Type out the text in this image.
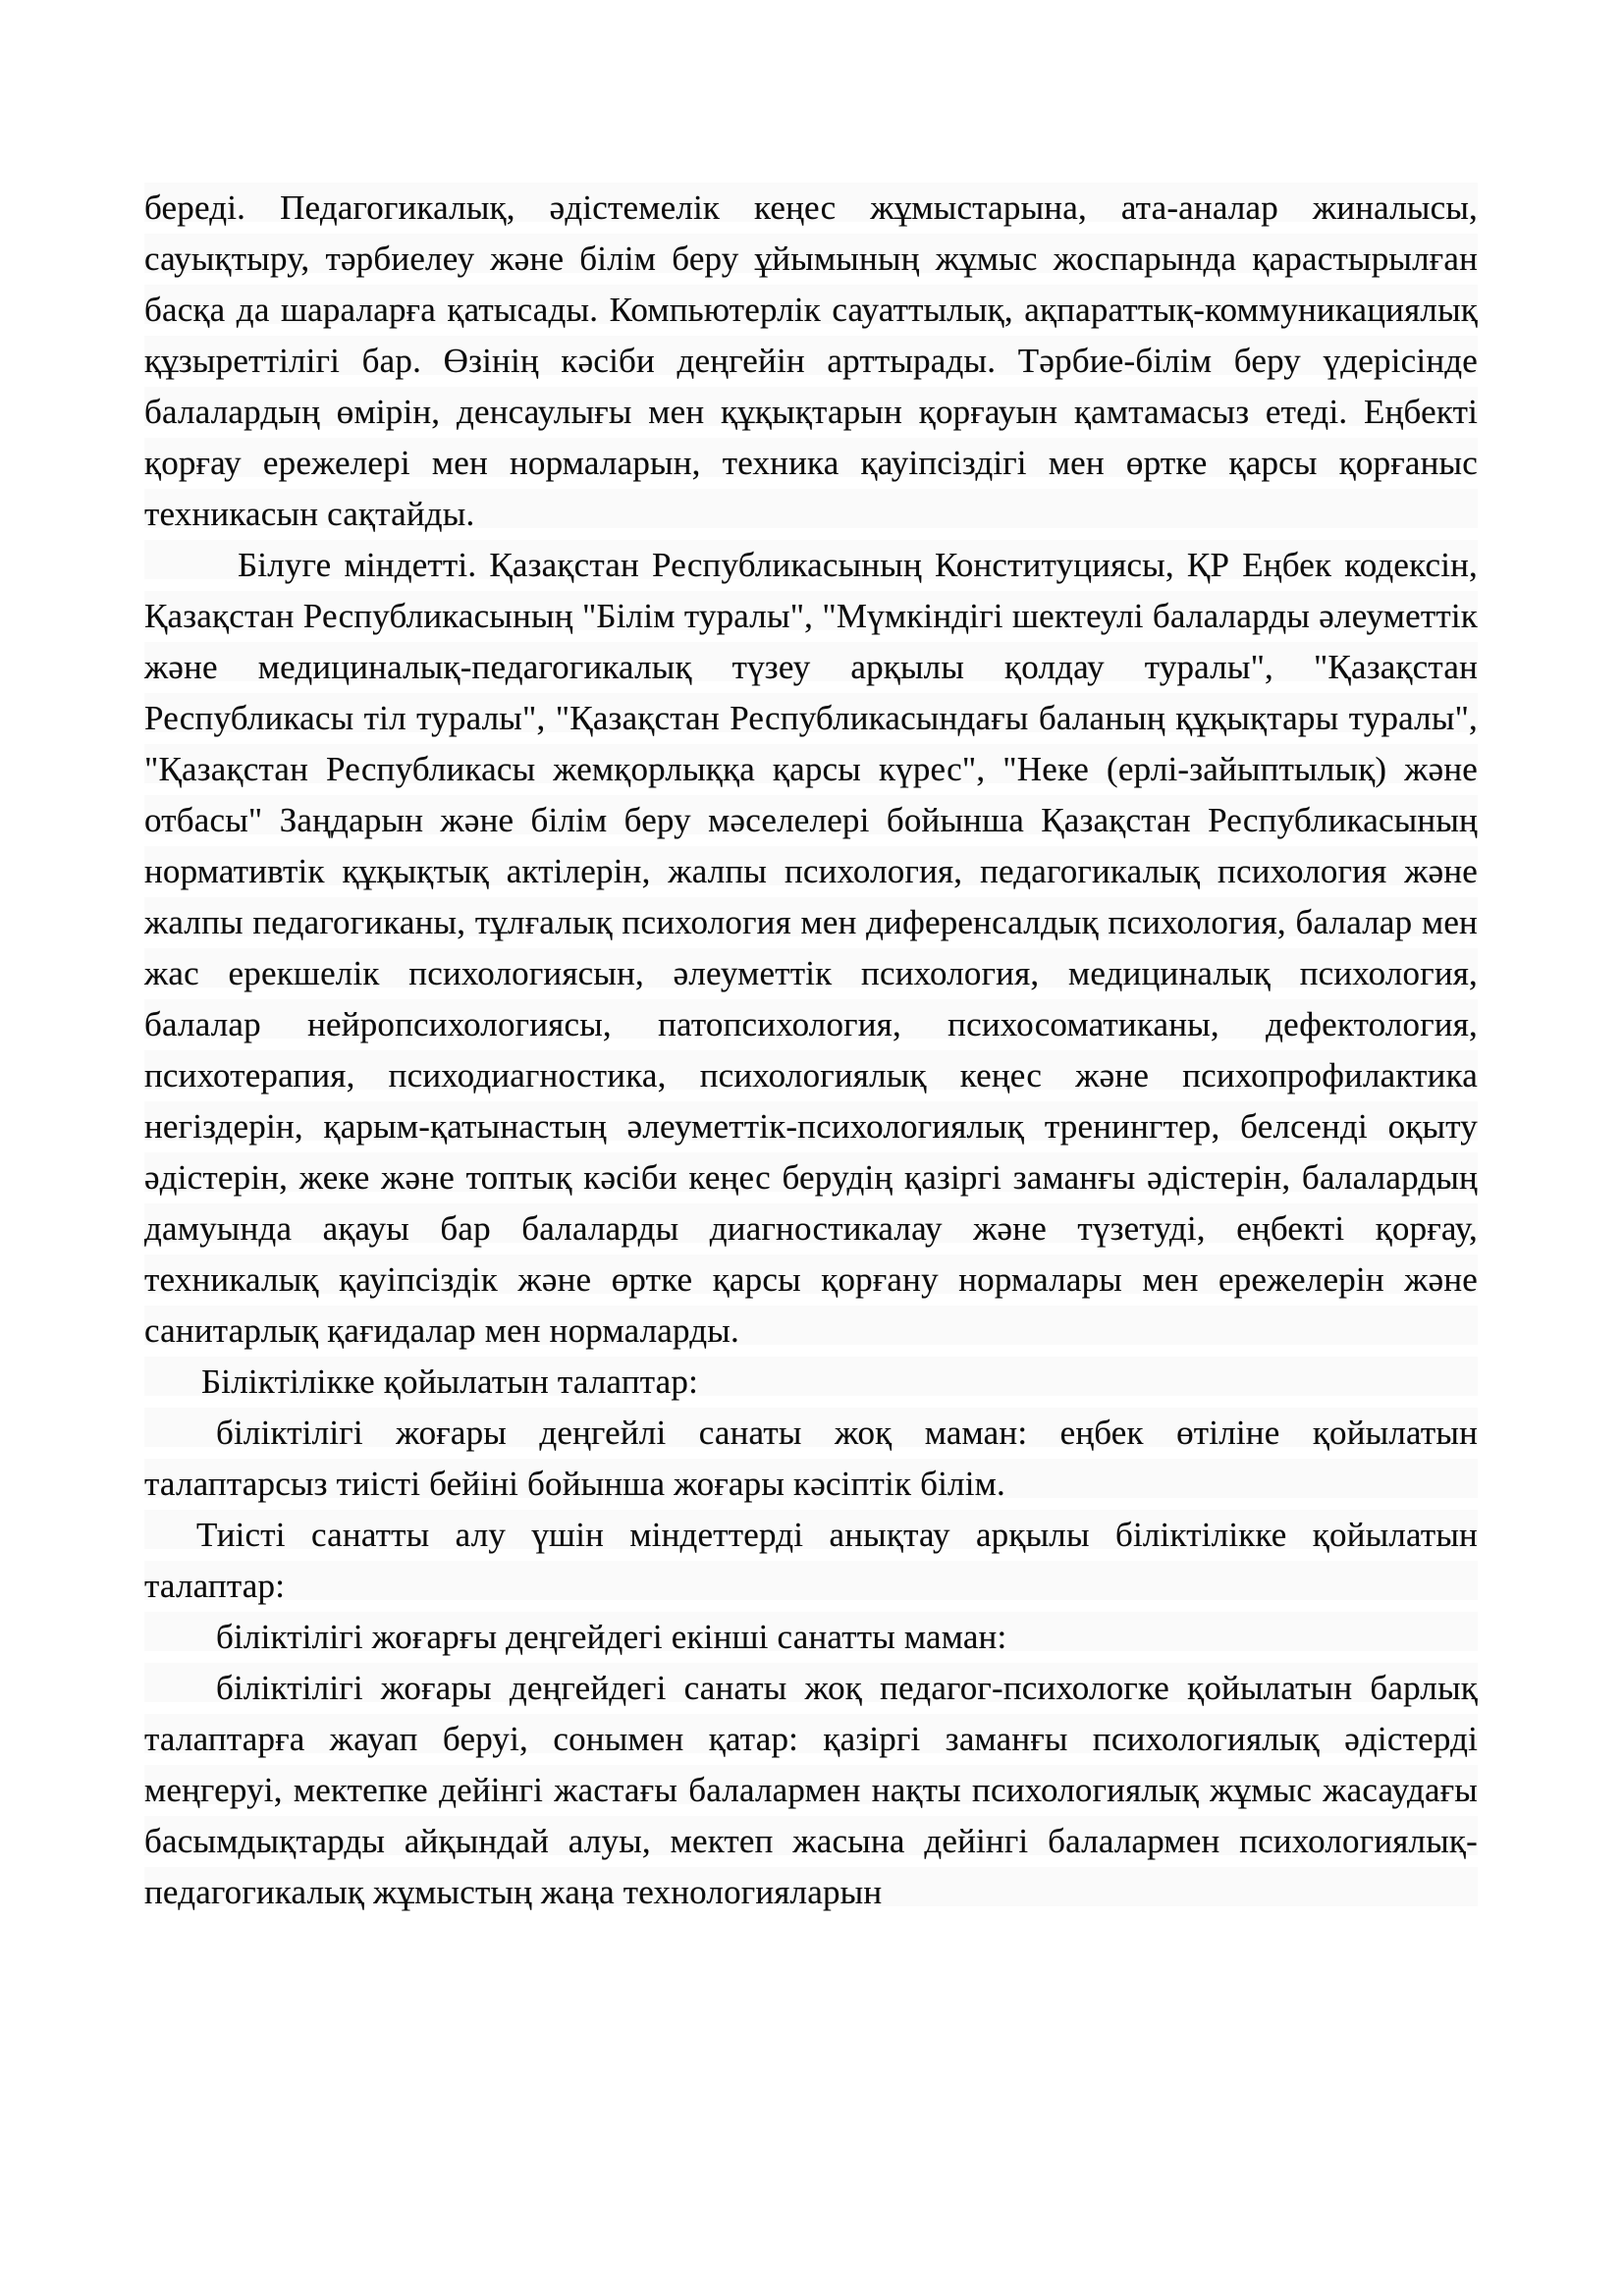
береді. Педагогикалық, әдістемелік кеңес жұмыстарына, ата-аналар жиналысы, сауықтыру, тәрбиелеу және білім беру ұйымының жұмыс жоспарында қарастырылған басқа да шараларға қатысады. Компьютерлік сауаттылық, ақпараттық-коммуникациялық құзыреттілігі бар. Өзінің кәсіби деңгейін арттырады. Тәрбие-білім беру үдерісінде балалардың өмірін, денсаулығы мен құқықтарын қорғауын қамтамасыз етеді. Еңбекті қорғау ережелері мен нормаларын, техника қауіпсіздігі мен өртке қарсы қорғаныс техникасын сақтайды.

Білуге міндетті. Қазақстан Республикасының Конституциясы, ҚР Еңбек кодексін, Қазақстан Республикасының "Білім туралы", "Мүмкіндігі шектеулі балаларды әлеуметтік және медициналық-педагогикалық түзеу арқылы қолдау туралы", "Қазақстан Республикасы тіл туралы", "Қазақстан Республикасындағы баланың құқықтары туралы", "Қазақстан Республикасы жемқорлыққа қарсы күрес", "Неке (ерлі-зайыптылық) және отбасы" Заңдарын және білім беру мәселелері бойынша Қазақстан Республикасының нормативтік құқықтық актілерін, жалпы психология, педагогикалық психология және жалпы педагогиканы, тұлғалық психология мен диференсалдық психология, балалар мен жас ерекшелік психологиясын, әлеуметтік психология, медициналық психология, балалар нейропсихологиясы, патопсихология, психосоматиканы, дефектология, психотерапия, психодиагностика, психологиялық кеңес және психопрофилактика негіздерін, қарым-қатынастың әлеуметтік-психологиялық тренингтер, белсенді оқыту әдістерін, жеке және топтық кәсіби кеңес берудің қазіргі заманғы әдістерін, балалардың дамуында ақауы бар балаларды диагностикалау және түзетуді, еңбекті қорғау, техникалық қауіпсіздік және өртке қарсы қорғану нормалары мен ережелерін және санитарлық қағидалар мен нормаларды.

Біліктілікке қойылатын талаптар:

біліктілігі жоғары деңгейлі санаты жоқ маман: еңбек өтіліне қойылатын талаптарсыз тиісті бейіні бойынша жоғары кәсіптік білім.

Тиісті санатты алу үшін міндеттерді анықтау арқылы біліктілікке қойылатын талаптар:

біліктілігі жоғарғы деңгейдегі екінші санатты маман:

біліктілігі жоғары деңгейдегі санаты жоқ педагог-психологке қойылатын барлық талаптарға жауап беруі, сонымен қатар: қазіргі заманғы психологиялық әдістерді меңгеруі, мектепке дейінгі жастағы балалармен нақты психологиялық жұмыс жасаудағы басымдықтарды айқындай алуы, мектеп жасына дейінгі балалармен психологиялық-педагогикалық жұмыстың жаңа технологияларын
